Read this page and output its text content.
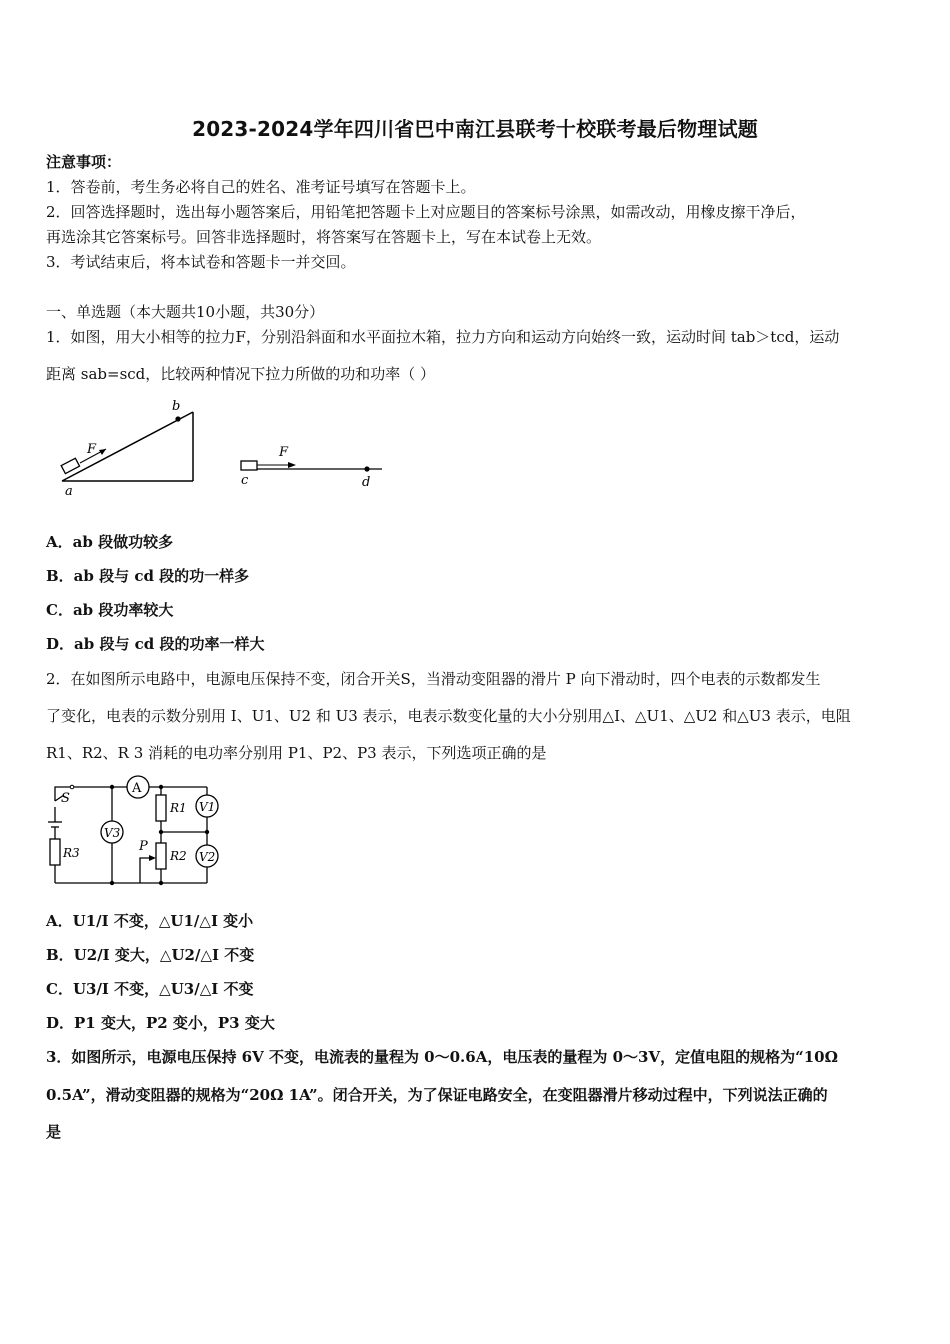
2023-2024学年四川省巴中南江县联考十校联考最后物理试题
注意事项：
1．答卷前，考生务必将自己的姓名、准考证号填写在答题卡上。
2．回答选择题时，选出每小题答案后，用铅笔把答题卡上对应题目的答案标号涂黑，如需改动，用橡皮擦干净后，
再选涂其它答案标号。回答非选择题时，将答案写在答题卡上，写在本试卷上无效。
3．考试结束后，将本试卷和答题卡一并交回。
一、单选题（本大题共10小题，共30分）
1．如图，用大小相等的拉力F，分别沿斜面和水平面拉木箱，拉力方向和运动方向始终一致，运动时间 tab＞tcd，运动
距离 sab=scd，比较两种情况下拉力所做的功和功率（ ）
b
F
a
F
c	d
A．ab 段做功较多
B．ab 段与 cd 段的功一样多
C．ab 段功率较大
D．ab 段与 cd 段的功率一样大
2．在如图所示电路中，电源电压保持不变，闭合开关S，当滑动变阻器的滑片 P 向下滑动时，四个电表的示数都发生
了变化，电表的示数分别用 I、U1、U2 和 U3 表示，电表示数变化量的大小分别用△I、△U1、△U2 和△U3 表示，电阻
R1、R2、R 3 消耗的电功率分别用 P1、P2、P3 表示，下列选项正确的是
S
A
V3
V1
V2
R1
R2
R3	P
A．U1/I 不变，△U1/△I 变小
B．U2/I 变大，△U2/△I 不变
C．U3/I 不变，△U3/△I 不变
D．P1 变大，P2 变小，P3 变大
3．如图所示，电源电压保持 6V 不变，电流表的量程为 0～0.6A，电压表的量程为 0～3V，定值电阻的规格为“10Ω
0.5A”，滑动变阻器的规格为“20Ω 1A”。闭合开关，为了保证电路安全，在变阻器滑片移动过程中，下列说法正确的
是
